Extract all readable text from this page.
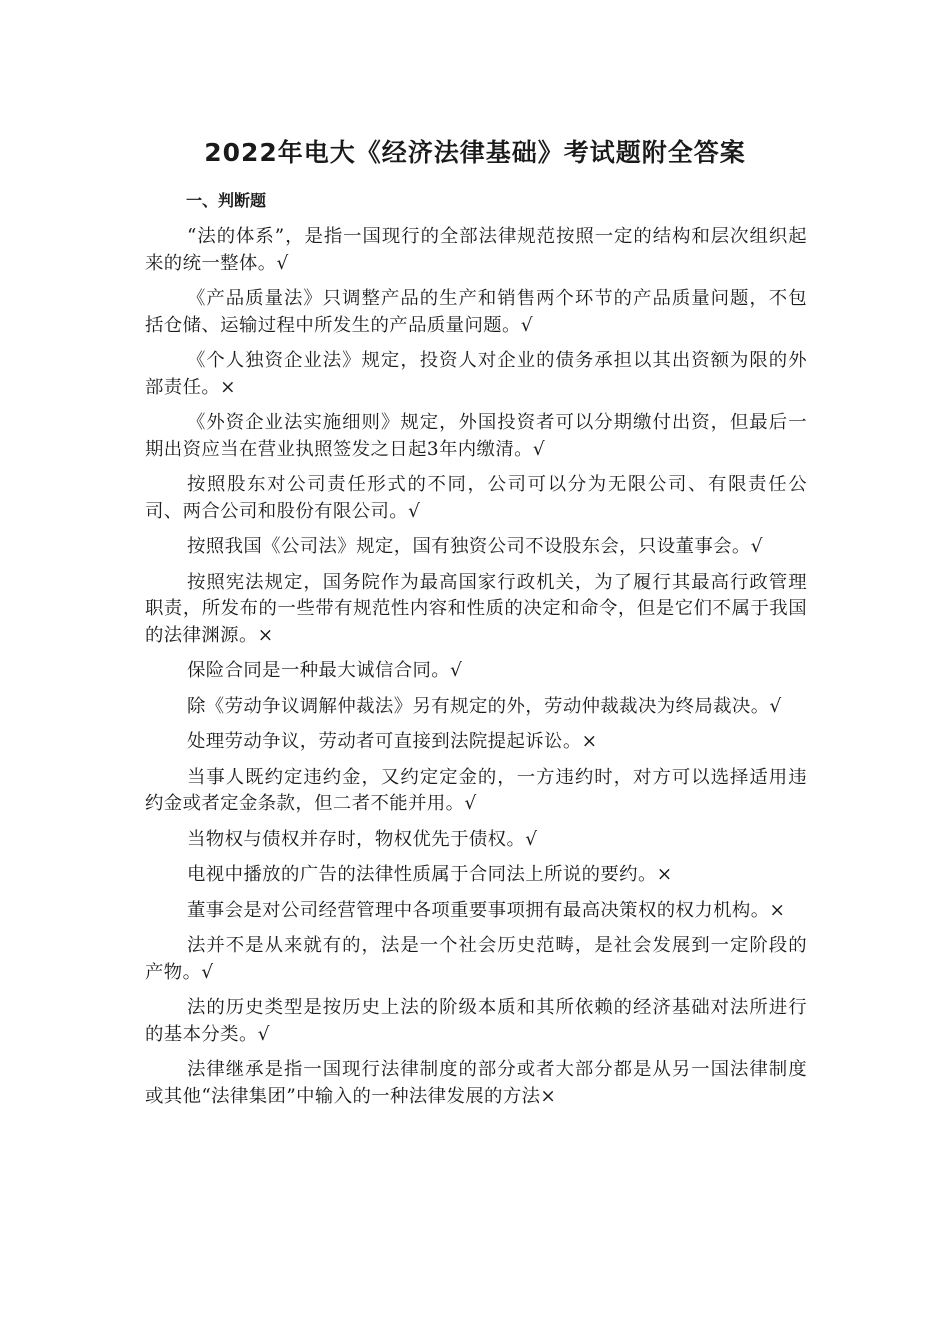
2022年电大《经济法律基础》考试题附全答案
一、判断题

“法的体系”，是指一国现行的全部法律规范按照一定的结构和层次组织起来的统一整体。√

《产品质量法》只调整产品的生产和销售两个环节的产品质量问题，不包括仓储、运输过程中所发生的产品质量问题。√

《个人独资企业法》规定，投资人对企业的债务承担以其出资额为限的外部责任。×

《外资企业法实施细则》规定，外国投资者可以分期缴付出资，但最后一期出资应当在营业执照签发之日起3年内缴清。√

按照股东对公司责任形式的不同，公司可以分为无限公司、有限责任公司、两合公司和股份有限公司。√

按照我国《公司法》规定，国有独资公司不设股东会，只设董事会。√

按照宪法规定，国务院作为最高国家行政机关，为了履行其最高行政管理职责，所发布的一些带有规范性内容和性质的决定和命令，但是它们不属于我国的法律渊源。×

保险合同是一种最大诚信合同。√

除《劳动争议调解仲裁法》另有规定的外，劳动仲裁裁决为终局裁决。√

处理劳动争议，劳动者可直接到法院提起诉讼。×

当事人既约定违约金，又约定定金的，一方违约时，对方可以选择适用违约金或者定金条款，但二者不能并用。√

当物权与债权并存时，物权优先于债权。√

电视中播放的广告的法律性质属于合同法上所说的要约。×

董事会是对公司经营管理中各项重要事项拥有最高决策权的权力机构。×

法并不是从来就有的，法是一个社会历史范畴，是社会发展到一定阶段的产物。√

法的历史类型是按历史上法的阶级本质和其所依赖的经济基础对法所进行的基本分类。√

法律继承是指一国现行法律制度的部分或者大部分都是从另一国法律制度或其他“法律集团”中输入的一种法律发展的方法×
